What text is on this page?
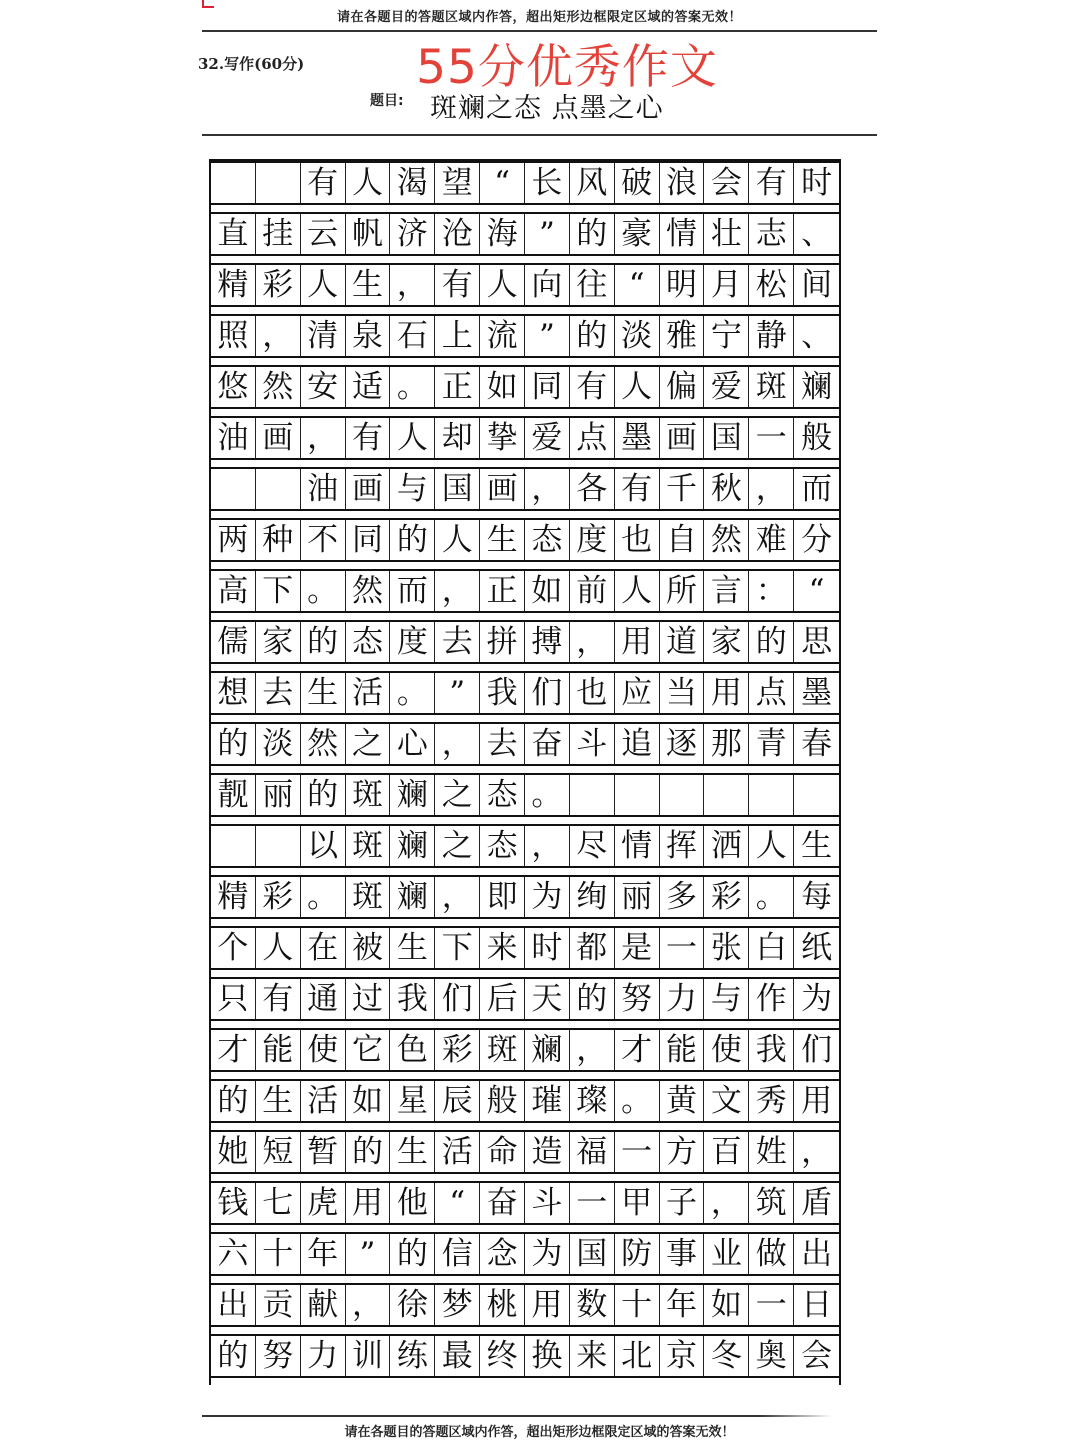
请在各题目的答题区域内作答，超出矩形边框限定区域的答案无效！
32.写作(60分) 55分优秀作文
题目: 斑斓之态 点墨之心
有 人 渴 望 “ 长 风 破 浪 会 有 时
直 挂 云 帆 济 沧 海 ” 的 豪 情 壮 志 、
精 彩 人 生 ， 有 人 向 往 “ 明 月 松 间
照 ， 清 泉 石 上 流 ” 的 淡 雅 宁 静 、
悠 然 安 适 。 正 如 同 有 人 偏 爱 斑 斓
油 画 ， 有 人 却 挚 爱 点 墨 画 国 一 般
油 画 与 国 画 ， 各 有 千 秋 ， 而
两 种 不 同 的 人 生 态 度 也 自 然 难 分
高 下 。 然 而 ， 正 如 前 人 所 言 ： “
儒 家 的 态 度 去 拼 搏 ， 用 道 家 的 思
想 去 生 活 。 ” 我 们 也 应 当 用 点 墨
的 淡 然 之 心 ， 去 奋 斗 追 逐 那 青 春
靓 丽 的 斑 斓 之 态 。
以 斑 斓 之 态 ， 尽 情 挥 洒 人 生
精 彩 。 斑 斓 ， 即 为 绚 丽 多 彩 。 每
个 人 在 被 生 下 来 时 都 是 一 张 白 纸
只 有 通 过 我 们 后 天 的 努 力 与 作 为
才 能 使 它 色 彩 斑 斓 ， 才 能 使 我 们
的 生 活 如 星 辰 般 璀 璨 。 黄 文 秀 用
她 短 暂 的 生 活 命 造 福 一 方 百 姓 ，
钱 七 虎 用 他 “ 奋 斗 一 甲 子 ， 筑 盾
六 十 年 ” 的 信 念 为 国 防 事 业 做 出
出 贡 献 ， 徐 梦 桃 用 数 十 年 如 一 日
的 努 力 训 练 最 终 换 来 北 京 冬 奥 会
请在各题目的答题区域内作答，超出矩形边框限定区域的答案无效！
